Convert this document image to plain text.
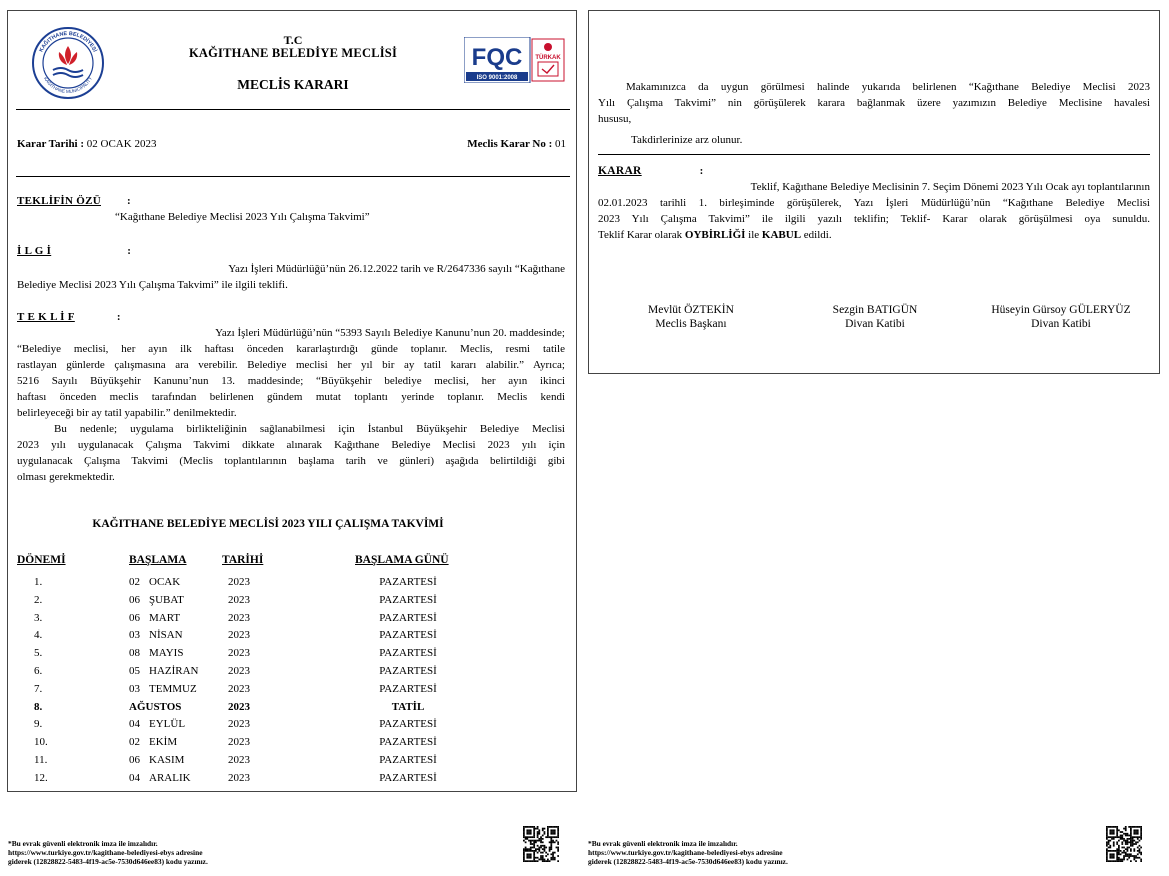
KAĞITHANE BELEDİYESİ
KAĞITHANE MUNICIPALITY
T.C
KAĞITHANE BELEDİYE MECLİSİ
MECLİS KARARI
FQC
ISO 9001:2008
TÜRKAK
Karar Tarihi : 02 OCAK 2023	Meclis Karar No : 01
TEKLİFİN ÖZÜ :
“Kağıthane Belediye Meclisi 2023 Yılı Çalışma Takvimi”
İ L G İ	:
Yazı İşleri Müdürlüğü’nün 26.12.2022 tarih ve R/2647336 sayılı “Kağıthane
Belediye Meclisi 2023 Yılı Çalışma Takvimi” ile ilgili teklifi.
T E K L İ F	:
Yazı İşleri Müdürlüğü’nün “5393 Sayılı Belediye Kanunu’nun 20. maddesinde;
“Belediye meclisi, her ayın ilk haftası önceden kararlaştırdığı günde toplanır. Meclis, resmi tatile
rastlayan günlerde çalışmasına ara verebilir. Belediye meclisi her yıl bir ay tatil kararı alabilir.” Ayrıca;
5216 Sayılı Büyükşehir Kanunu’nun 13. maddesinde; “Büyükşehir belediye meclisi, her ayın ikinci
haftası önceden meclis tarafından belirlenen gündem mutat toplantı yerinde toplanır. Meclis kendi
belirleyeceği bir ay tatil yapabilir.” denilmektedir.
Bu nedenle; uygulama birlikteliğinin sağlanabilmesi için İstanbul Büyükşehir Belediye Meclisi
2023 yılı uygulanacak Çalışma Takvimi dikkate alınarak Kağıthane Belediye Meclisi 2023 yılı için
uygulanacak Çalışma Takvimi (Meclis toplantılarının başlama tarih ve günleri) aşağıda belirtildiği gibi
olması gerekmektedir.
KAĞITHANE BELEDİYE MECLİSİ 2023 YILI ÇALIŞMA TAKVİMİ
DÖNEMİ	BAŞLAMA	TARİHİ	BAŞLAMA GÜNÜ
1.	02 OCAK	2023	PAZARTESİ
2.	06 ŞUBAT	2023	PAZARTESİ
3.	06 MART	2023	PAZARTESİ
4.	03 NİSAN	2023	PAZARTESİ
5.	08 MAYIS	2023	PAZARTESİ
6.	05 HAZİRAN	2023	PAZARTESİ
7.	03 TEMMUZ	2023	PAZARTESİ
8.	AĞUSTOS	2023	TATİL
9.	04 EYLÜL	2023	PAZARTESİ
10.	02 EKİM	2023	PAZARTESİ
11.	06 KASIM	2023	PAZARTESİ
12.	04 ARALIK	2023	PAZARTESİ
Makamınızca da uygun görülmesi halinde yukarıda belirlenen “Kağıthane Belediye Meclisi 2023
Yılı Çalışma Takvimi” nin görüşülerek karara bağlanmak üzere yazımızın Belediye Meclisine havalesi
hususu,
Takdirlerinize arz olunur.
KARAR	:
Teklif, Kağıthane Belediye Meclisinin 7. Seçim Dönemi 2023 Yılı Ocak ayı toplantılarının
02.01.2023 tarihli 1. birleşiminde görüşülerek, Yazı İşleri Müdürlüğü’nün “Kağıthane Belediye Meclisi
2023 Yılı Çalışma Takvimi” ile ilgili yazılı teklifin; Teklif- Karar olarak görüşülmesi oya sunuldu.
Teklif Karar olarak OYBİRLİĞİ ile KABUL edildi.
Mevlüt ÖZTEKİN
Meclis Başkanı
Sezgin BATIGÜN
Divan Katibi
Hüseyin Gürsoy GÜLERYÜZ
Divan Katibi
*Bu evrak güvenli elektronik imza ile imzalıdır.
https://www.turkiye.gov.tr/kagithane-belediyesi-ebys adresine
giderek (12828822-5483-4f19-ac5e-7530d646ee83) kodu yazınız.
*Bu evrak güvenli elektronik imza ile imzalıdır.
https://www.turkiye.gov.tr/kagithane-belediyesi-ebys adresine
giderek (12828822-5483-4f19-ac5e-7530d646ee83) kodu yazınız.
